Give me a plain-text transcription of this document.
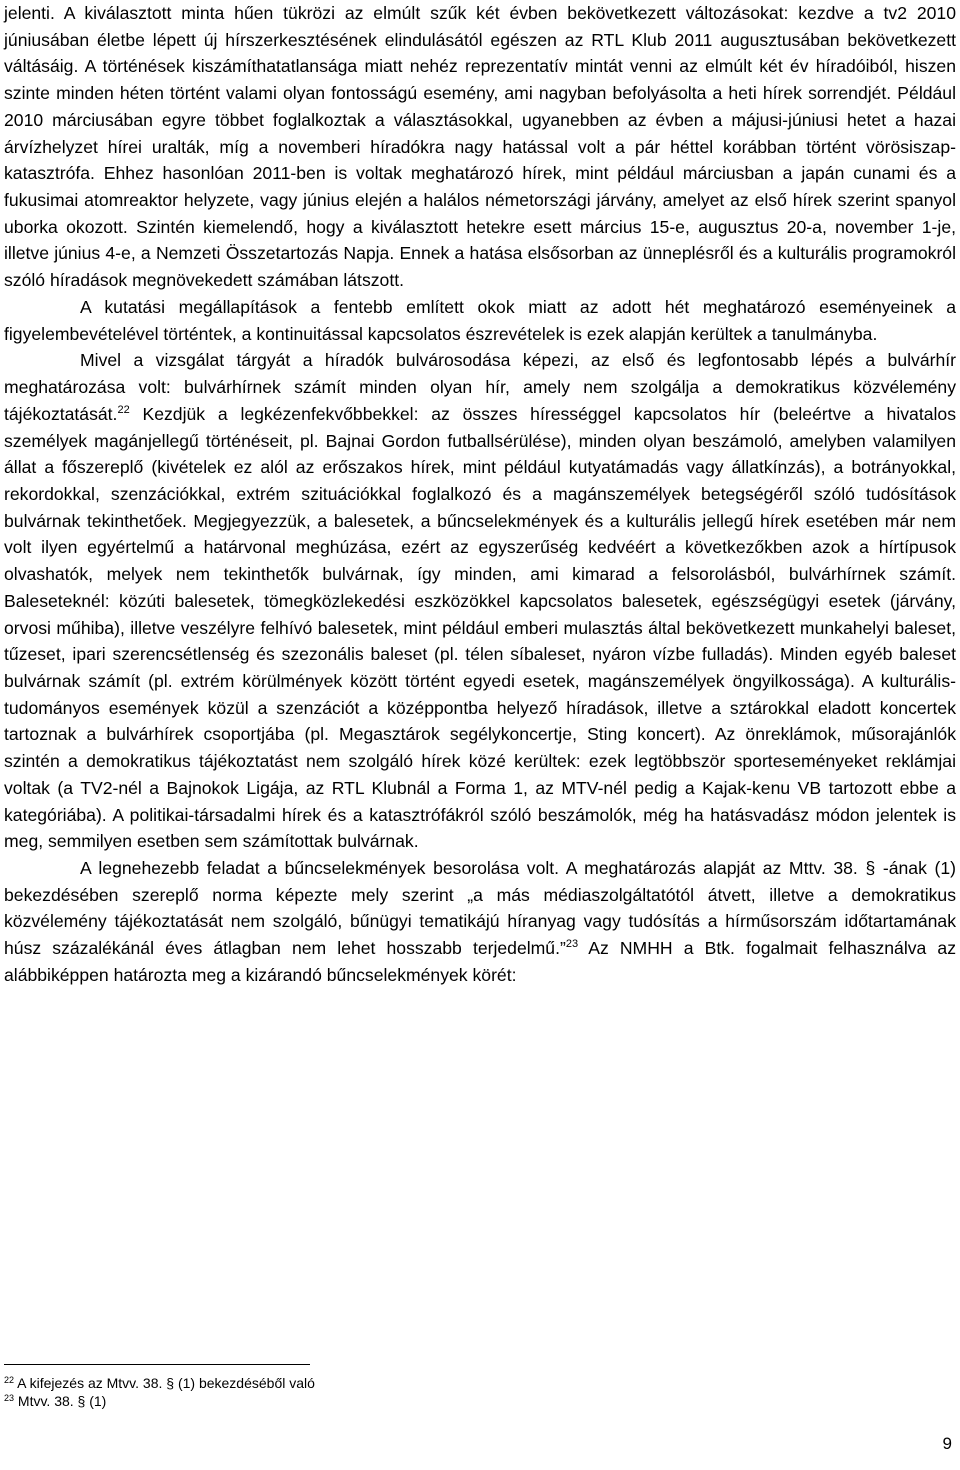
jelenti. A kiválasztott minta hűen tükrözi az elmúlt szűk két évben bekövetkezett változásokat: kezdve a tv2 2010 júniusában életbe lépett új hírszerkesztésének elindulásától egészen az RTL Klub 2011 augusztusában bekövetkezett váltásáig. A történések kiszámíthatatlansága miatt nehéz reprezentatív mintát venni az elmúlt két év híradóiból, hiszen szinte minden héten történt valami olyan fontosságú esemény, ami nagyban befolyásolta a heti hírek sorrendjét. Például 2010 márciusában egyre többet foglalkoztak a választásokkal, ugyanebben az évben a májusi-júniusi hetet a hazai árvízhelyzet hírei uralták, míg a novemberi híradókra nagy hatással volt a pár héttel korábban történt vörösiszap-katasztrófa. Ehhez hasonlóan 2011-ben is voltak meghatározó hírek, mint például márciusban a japán cunami és a fukusimai atomreaktor helyzete, vagy június elején a halálos németországi járvány, amelyet az első hírek szerint spanyol uborka okozott. Szintén kiemelendő, hogy a kiválasztott hetekre esett március 15-e, augusztus 20-a, november 1-je, illetve június 4-e, a Nemzeti Összetartozás Napja. Ennek a hatása elsősorban az ünneplésről és a kulturális programokról szóló híradások megnövekedett számában látszott.

A kutatási megállapítások a fentebb említett okok miatt az adott hét meghatározó eseményeinek a figyelembevételével történtek, a kontinuitással kapcsolatos észrevételek is ezek alapján kerültek a tanulmányba.

Mivel a vizsgálat tárgyát a híradók bulvárosodása képezi, az első és legfontosabb lépés a bulvárhír meghatározása volt: bulvárhírnek számít minden olyan hír, amely nem szolgálja a demokratikus közvélemény tájékoztatását.$^{22}$ Kezdjük a legkézenfekvőbbekkel: az összes hírességgel kapcsolatos hír (beleértve a hivatalos személyek magánjellegű történéseit, pl. Bajnai Gordon futballsérülése), minden olyan beszámoló, amelyben valamilyen állat a főszereplő (kivételek ez alól az erőszakos hírek, mint például kutyatámadás vagy állatkínzás), a botrányokkal, rekordokkal, szenzációkkal, extrém szituációkkal foglalkozó és a magánszemélyek betegségéről szóló tudósítások bulvárnak tekinthetőek. Megjegyezzük, a balesetek, a bűncselekmények és a kulturális jellegű hírek esetében már nem volt ilyen egyértelmű a határvonal meghúzása, ezért az egyszerűség kedvéért a következőkben azok a hírtípusok olvashatók, melyek nem tekinthetők bulvárnak, így minden, ami kimarad a felsorolásból, bulvárhírnek számít. Baleseteknél: közúti balesetek, tömegközlekedési eszközökkel kapcsolatos balesetek, egészségügyi esetek (járvány, orvosi műhiba), illetve veszélyre felhívó balesetek, mint például emberi mulasztás által bekövetkezett munkahelyi baleset, tűzeset, ipari szerencsétlenség és szezonális baleset (pl. télen síbaleset, nyáron vízbe fulladás). Minden egyéb baleset bulvárnak számít (pl. extrém körülmények között történt egyedi esetek, magánszemélyek öngyilkossága). A kulturális-tudományos események közül a szenzációt a középpontba helyező híradások, illetve a sztárokkal eladott koncertek tartoznak a bulvárhírek csoportjába (pl. Megasztárok segélykoncertje, Sting koncert). Az önreklámok, műsorajánlók szintén a demokratikus tájékoztatást nem szolgáló hírek közé kerültek: ezek legtöbbször sporteseményeket reklámjai voltak (a TV2-nél a Bajnokok Ligája, az RTL Klubnál a Forma 1, az MTV-nél pedig a Kajak-kenu VB tartozott ebbe a kategóriába). A politikai-társadalmi hírek és a katasztrófákról szóló beszámolók, még ha hatásvadász módon jelentek is meg, semmilyen esetben sem számítottak bulvárnak.

A legnehezebb feladat a bűncselekmények besorolása volt. A meghatározás alapját az Mttv. 38. § -ának (1) bekezdésében szereplő norma képezte mely szerint „a más médiaszolgáltatótól átvett, illetve a demokratikus közvélemény tájékoztatását nem szolgáló, bűnügyi tematikájú híranyag vagy tudósítás a hírműsorszám időtartamának húsz százalékánál éves átlagban nem lehet hosszabb terjedelmű.”$^{23}$ Az NMHH a Btk. fogalmait felhasználva az alábbiképpen határozta meg a kizárandó bűncselekmények körét:

$^{22}$ A kifejezés az Mtvv. 38. § (1) bekezdéséből való
$^{23}$ Mtvv. 38. § (1)
9
